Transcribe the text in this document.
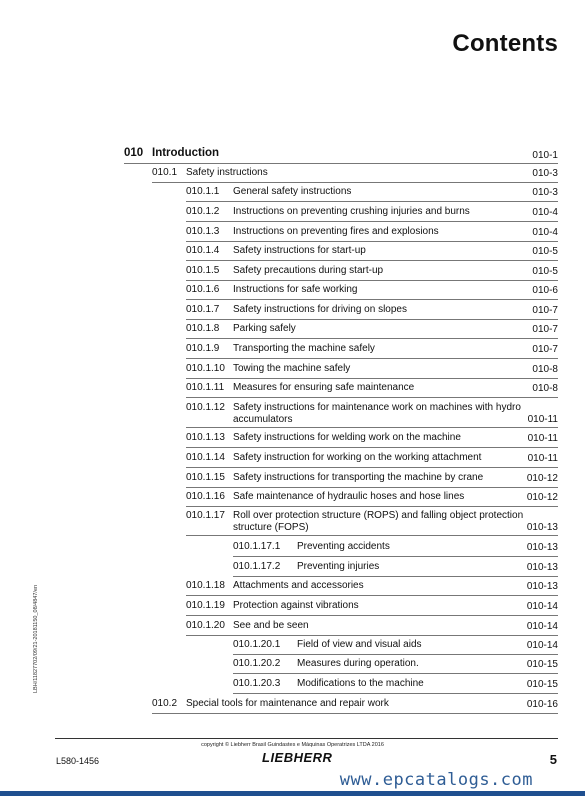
Contents
010 Introduction	010-1
010.1 Safety instructions	010-3
010.1.1 General safety instructions	010-3
010.1.2 Instructions on preventing crushing injuries and burns	010-4
010.1.3 Instructions on preventing fires and explosions	010-4
010.1.4 Safety instructions for start-up	010-5
010.1.5 Safety precautions during start-up	010-5
010.1.6 Instructions for safe working	010-6
010.1.7 Safety instructions for driving on slopes	010-7
010.1.8 Parking safely	010-7
010.1.9 Transporting the machine safely	010-7
010.1.10 Towing the machine safely	010-8
010.1.11 Measures for ensuring safe maintenance	010-8
010.1.12 Safety instructions for maintenance work on machines with hydro accumulators	010-11
010.1.13 Safety instructions for welding work on the machine	010-11
010.1.14 Safety instruction for working on the working attachment	010-11
010.1.15 Safety instructions for transporting the machine by crane	010-12
010.1.16 Safe maintenance of hydraulic hoses and hose lines	010-12
010.1.17 Roll over protection structure (ROPS) and falling object protection structure (FOPS)	010-13
010.1.17.1 Preventing accidents	010-13
010.1.17.2 Preventing injuries	010-13
010.1.18 Attachments and accessories	010-13
010.1.19 Protection against vibrations	010-14
010.1.20 See and be seen	010-14
010.1.20.1 Field of view and visual aids	010-14
010.1.20.2 Measures during operation.	010-15
010.1.20.3 Modifications to the machine	010-15
010.2 Special tools for maintenance and repair work	010-16
LBH/11827702/09/21-20181150_08/4847/en
copyright © Liebherr Brasil Guindastes e Máquinas Operatrizes LTDA 2016
LIEBHERR
L580-1456	5
www.epcatalogs.com
